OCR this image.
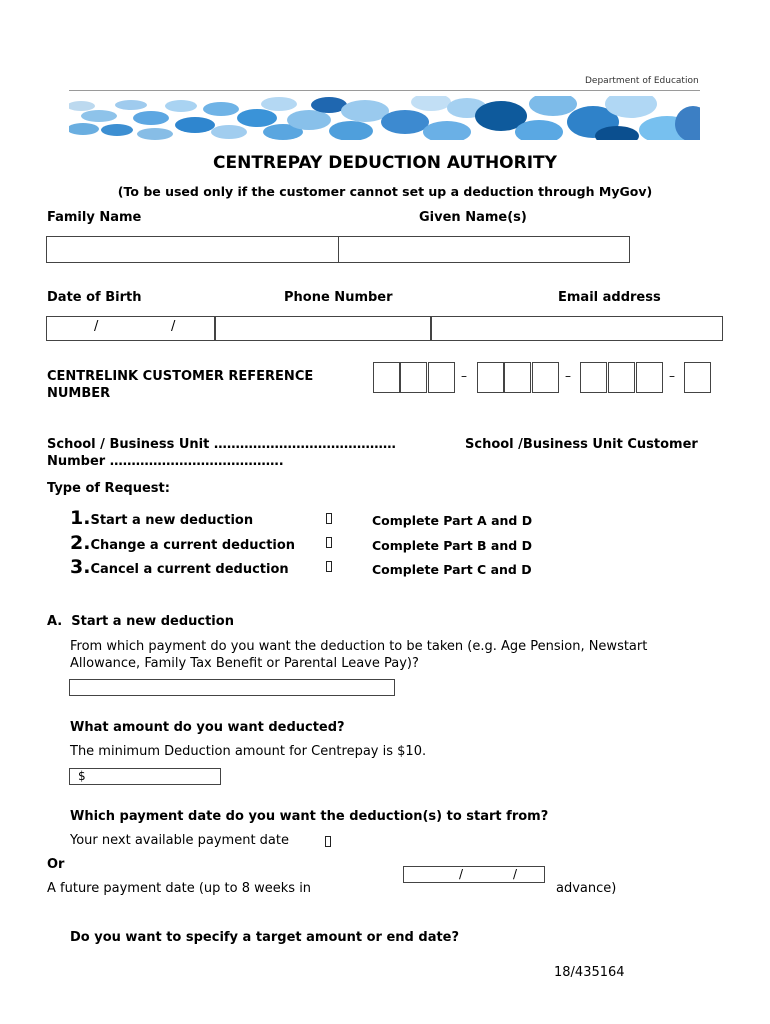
Department of Education
CENTREPAY DEDUCTION AUTHORITY
(To be used only if the customer cannot set up a deduction through MyGov)
Family Name	Given Name(s)
Date of Birth	Phone Number	Email address
/	/
CENTRELINK CUSTOMER REFERENCE
NUMBER
–	–	–
School / Business Unit ……………………………………
Number ………………………………….
School /Business Unit Customer
Type of Request:
1.Start a new deduction	Complete Part A and D
2.Change a current deduction	Complete Part B and D
3.Cancel a current deduction	Complete Part C and D
A.  Start a new deduction
From which payment do you want the deduction to be taken (e.g. Age Pension, Newstart
Allowance, Family Tax Benefit or Parental Leave Pay)?
What amount do you want deducted?
The minimum Deduction amount for Centrepay is $10.
$
Which payment date do you want the deduction(s) to start from?
Your next available payment date
Or
A future payment date (up to 8 weeks in
/	/
advance)
Do you want to specify a target amount or end date?
18/435164
